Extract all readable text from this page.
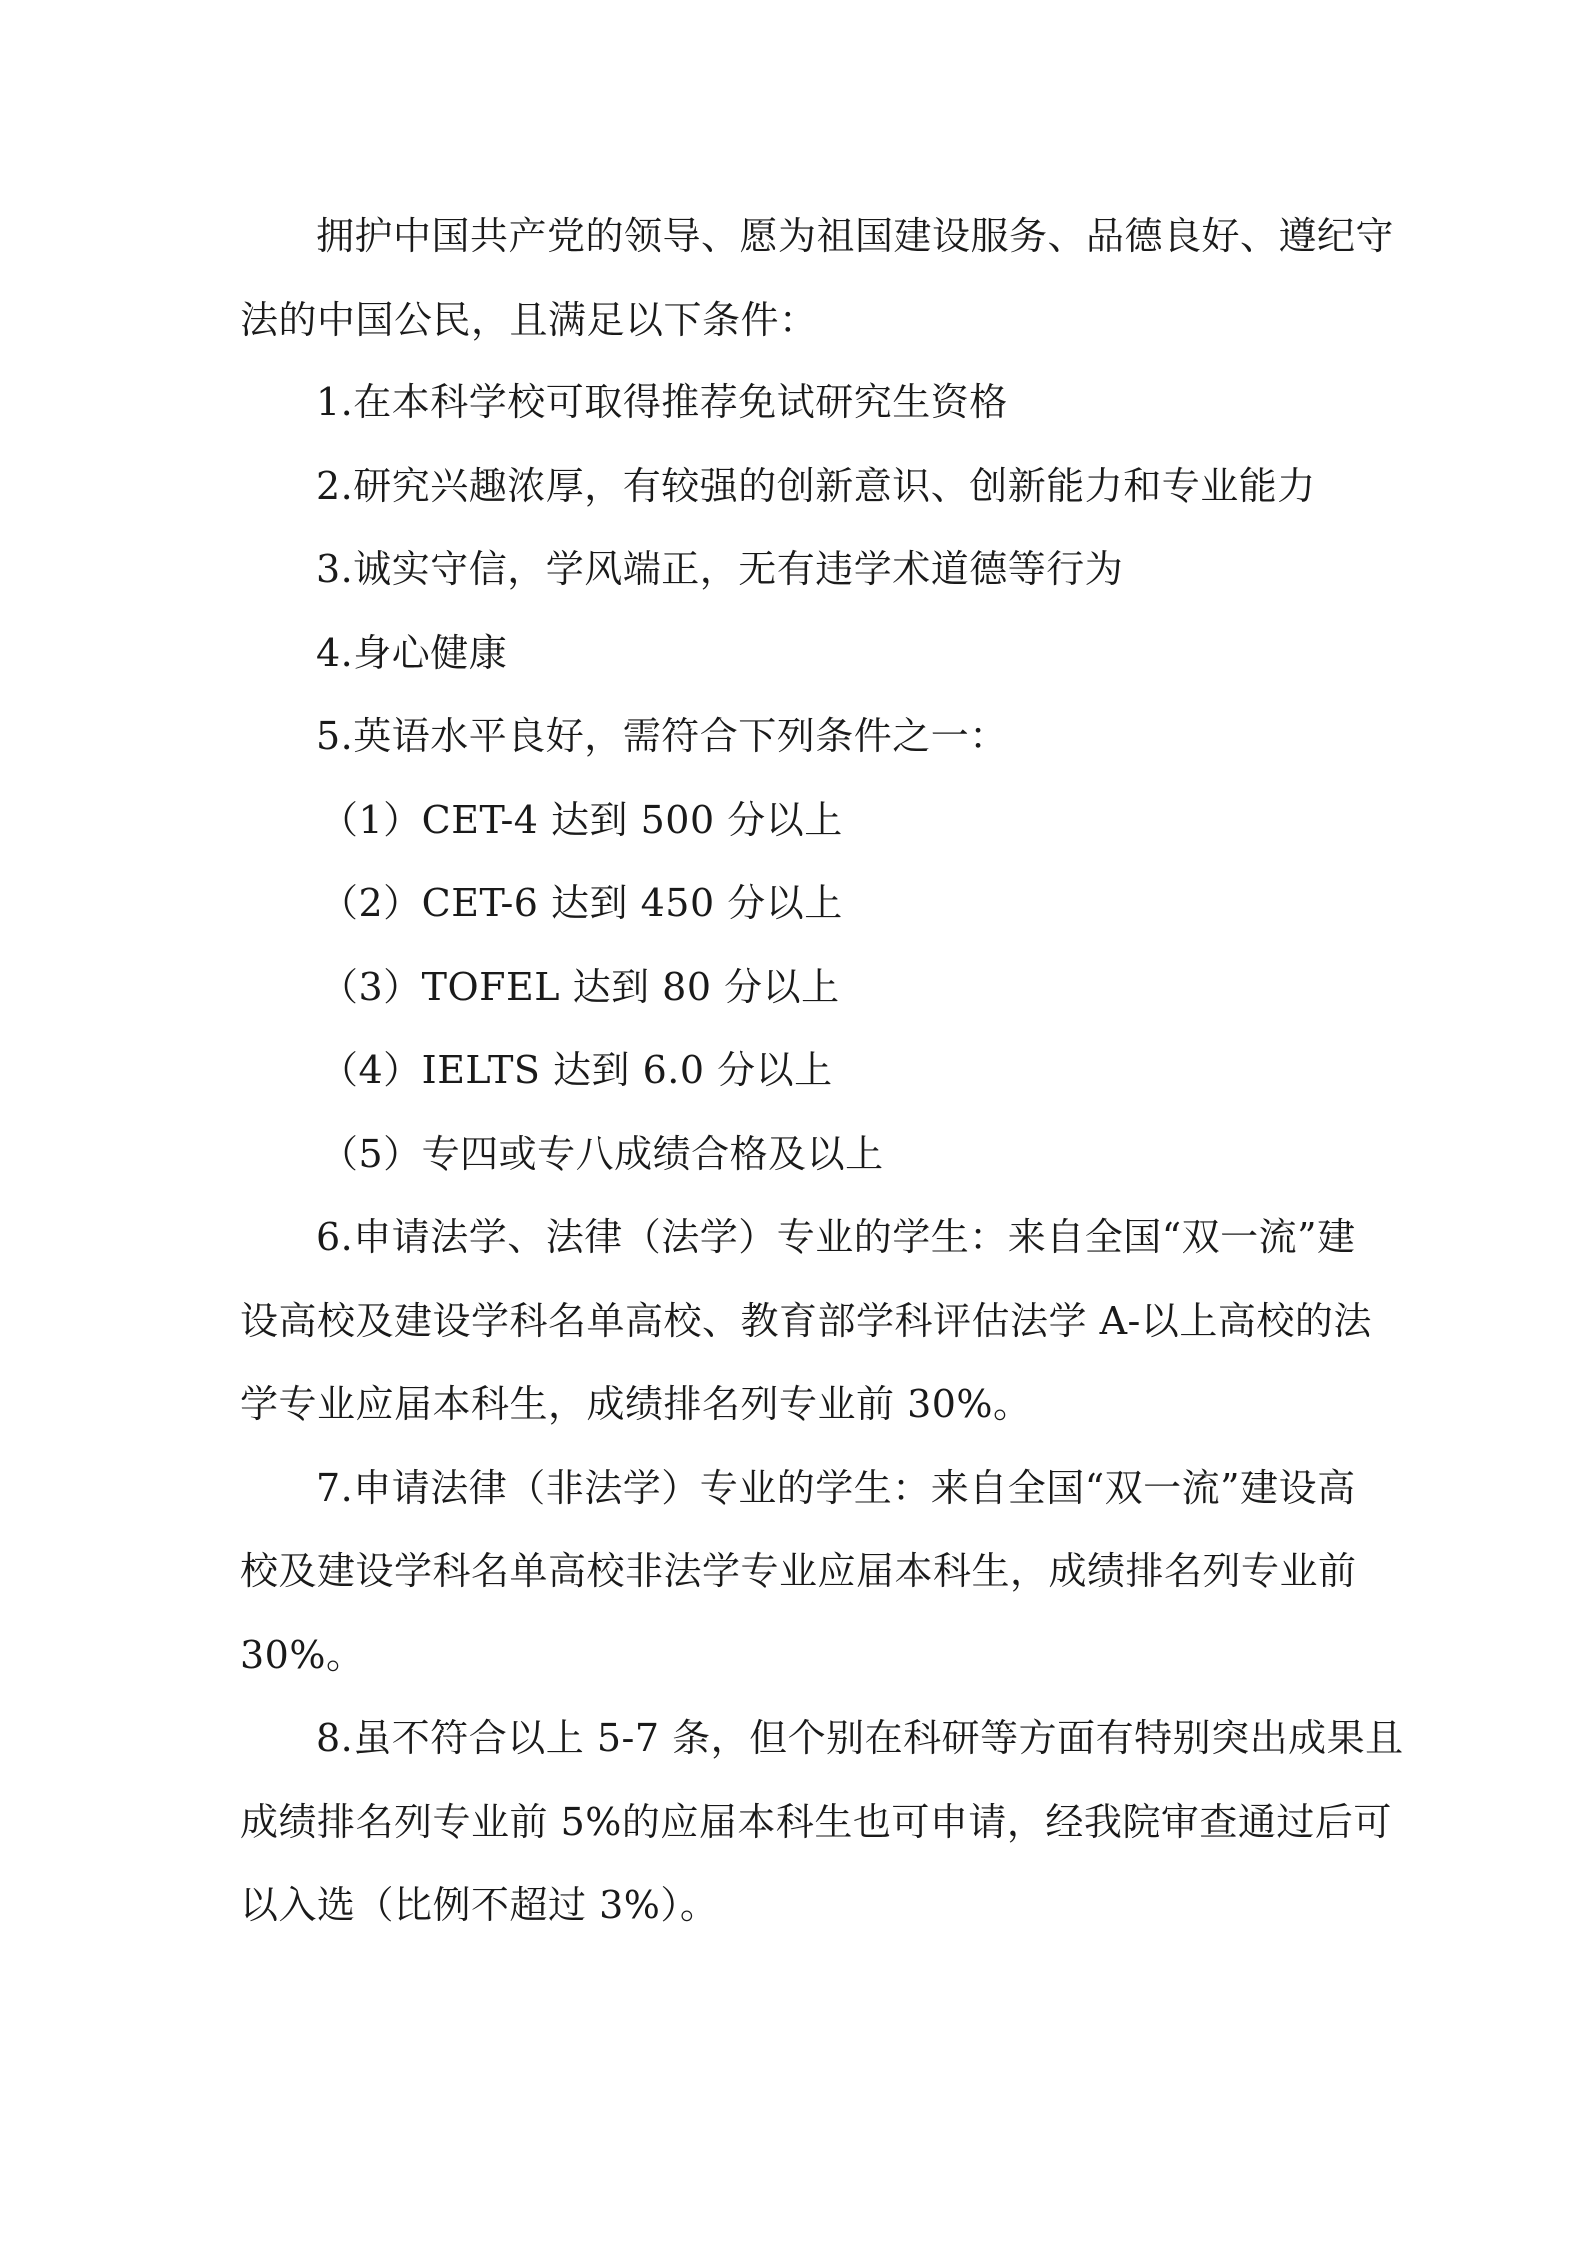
拥护中国共产党的领导、愿为祖国建设服务、品德良好、遵纪守
法的中国公民，且满足以下条件：
1.在本科学校可取得推荐免试研究生资格
2.研究兴趣浓厚，有较强的创新意识、创新能力和专业能力
3.诚实守信，学风端正，无有违学术道德等行为
4.身心健康
5.英语水平良好，需符合下列条件之一：
（1）CET-4 达到 500 分以上
（2）CET-6 达到 450 分以上
（3）TOFEL 达到 80 分以上
（4）IELTS 达到 6.0 分以上
（5）专四或专八成绩合格及以上
6.申请法学、法律（法学）专业的学生：来自全国“双一流”建
设高校及建设学科名单高校、教育部学科评估法学 A-以上高校的法
学专业应届本科生，成绩排名列专业前 30%。
7.申请法律（非法学）专业的学生：来自全国“双一流”建设高
校及建设学科名单高校非法学专业应届本科生，成绩排名列专业前
30%。
8.虽不符合以上 5-7 条，但个别在科研等方面有特别突出成果且
成绩排名列专业前 5%的应届本科生也可申请，经我院审查通过后可
以入选（比例不超过 3%）。
